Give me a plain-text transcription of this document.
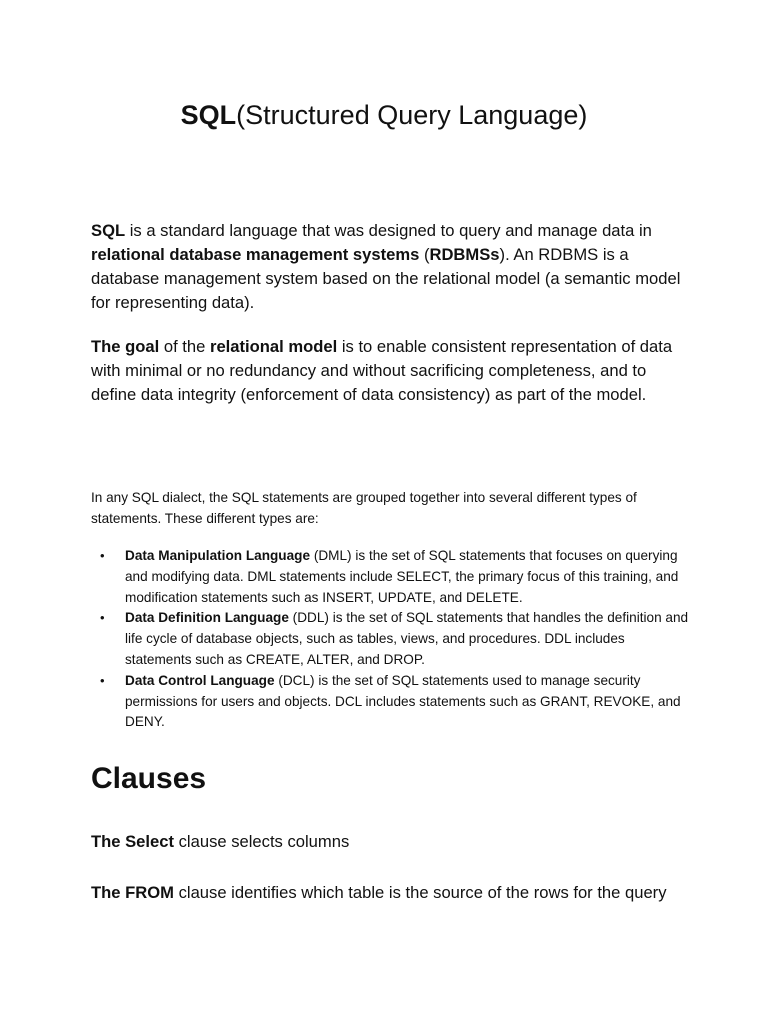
SQL(Structured Query Language)

SQL is a standard language that was designed to query and manage data in relational database management systems (RDBMSs). An RDBMS is a database management system based on the relational model (a semantic model for representing data).

The goal of the relational model is to enable consistent representation of data with minimal or no redundancy and without sacrificing completeness, and to define data integrity (enforcement of data consistency) as part of the model.

In any SQL dialect, the SQL statements are grouped together into several different types of statements. These different types are:

• Data Manipulation Language (DML) is the set of SQL statements that focuses on querying and modifying data. DML statements include SELECT, the primary focus of this training, and modification statements such as INSERT, UPDATE, and DELETE.
• Data Definition Language (DDL) is the set of SQL statements that handles the definition and life cycle of database objects, such as tables, views, and procedures. DDL includes statements such as CREATE, ALTER, and DROP.
• Data Control Language (DCL) is the set of SQL statements used to manage security permissions for users and objects. DCL includes statements such as GRANT, REVOKE, and DENY.
Clauses

The Select clause selects columns

The FROM clause identifies which table is the source of the rows for the query
